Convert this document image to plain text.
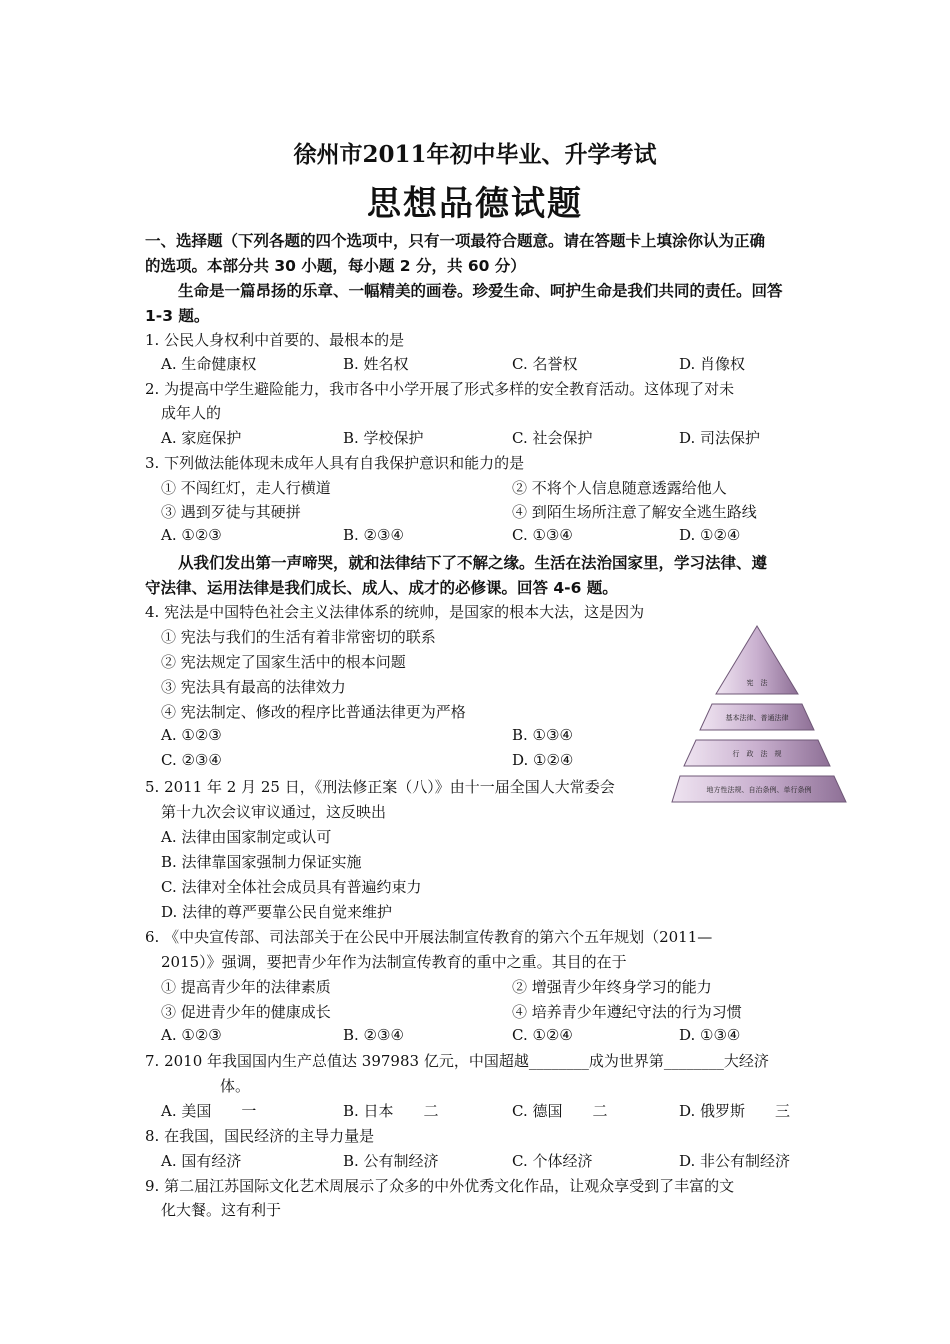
徐州市2011年初中毕业、升学考试
思想品德试题
一、选择题（下列各题的四个选项中，只有一项最符合题意。请在答题卡上填涂你认为正确
的选项。本部分共 30 小题，每小题 2 分，共 60 分）
生命是一篇昂扬的乐章、一幅精美的画卷。珍爱生命、呵护生命是我们共同的责任。回答
1-3 题。
1. 公民人身权利中首要的、最根本的是
A. 生命健康权	B. 姓名权	C. 名誉权	D. 肖像权
2. 为提高中学生避险能力，我市各中小学开展了形式多样的安全教育活动。这体现了对未
成年人的
A. 家庭保护	B. 学校保护	C. 社会保护	D. 司法保护
3. 下列做法能体现未成年人具有自我保护意识和能力的是
① 不闯红灯，走人行横道	② 不将个人信息随意透露给他人
③ 遇到歹徒与其硬拼	④ 到陌生场所注意了解安全逃生路线
A. ①②③	B. ②③④	C. ①③④	D. ①②④
从我们发出第一声啼哭，就和法律结下了不解之缘。生活在法治国家里，学习法律、遵
守法律、运用法律是我们成长、成人、成才的必修课。回答 4-6 题。
4. 宪法是中国特色社会主义法律体系的统帅，是国家的根本大法，这是因为
① 宪法与我们的生活有着非常密切的联系
② 宪法规定了国家生活中的根本问题
③ 宪法具有最高的法律效力
④ 宪法制定、修改的程序比普通法律更为严格
A. ①②③	B. ①③④
C. ②③④	D. ①②④
宪　法
基本法律、普通法律
行　政　法　规
地方性法规、自治条例、单行条例
5. 2011 年 2 月 25 日，《刑法修正案（八）》由十一届全国人大常委会
第十九次会议审议通过，这反映出
A. 法律由国家制定或认可
B. 法律靠国家强制力保证实施
C. 法律对全体社会成员具有普遍约束力
D. 法律的尊严要靠公民自觉来维护
6. 《中央宣传部、司法部关于在公民中开展法制宣传教育的第六个五年规划（2011—
2015）》强调，要把青少年作为法制宣传教育的重中之重。其目的在于
① 提高青少年的法律素质	② 增强青少年终身学习的能力
③ 促进青少年的健康成长	④ 培养青少年遵纪守法的行为习惯
A. ①②③	B. ②③④	C. ①②④	D. ①③④
7. 2010 年我国国内生产总值达 397983 亿元，中国超越________成为世界第________大经济
体。
A. 美国　　一	B. 日本　　二	C. 德国　　二	D. 俄罗斯　　三
8. 在我国，国民经济的主导力量是
A. 国有经济	B. 公有制经济	C. 个体经济	D. 非公有制经济
9. 第二届江苏国际文化艺术周展示了众多的中外优秀文化作品，让观众享受到了丰富的文
化大餐。这有利于
